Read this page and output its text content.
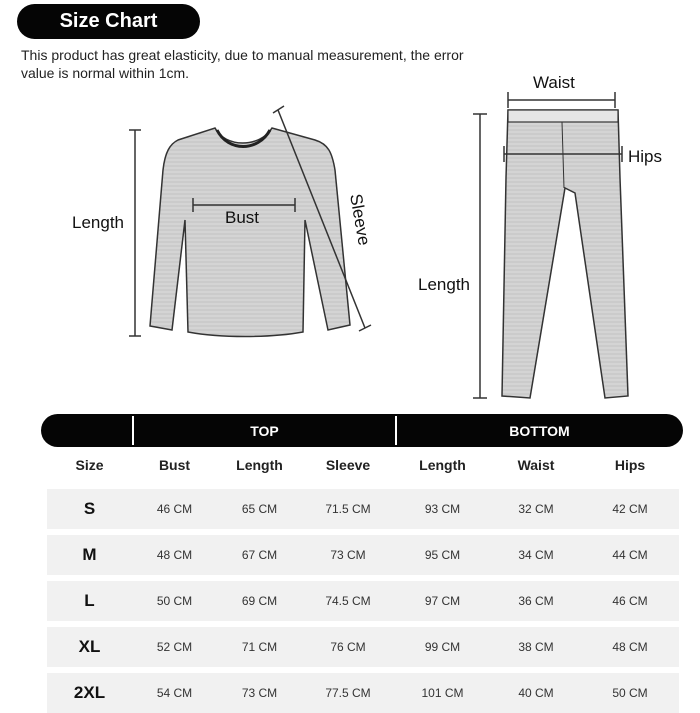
Size Chart
This product has great elasticity, due to manual measurement, the error value is normal within 1cm.
Length	Bust	Sleeve
Waist
Hips
Length
TOP	BOTTOM
Size	Bust	Length	Sleeve	Length	Waist	Hips
S	46 CM	65 CM	71.5 CM	93 CM	32 CM	42 CM
M	48 CM	67 CM	73 CM	95 CM	34 CM	44 CM
L	50 CM	69 CM	74.5 CM	97 CM	36 CM	46 CM
XL	52 CM	71 CM	76 CM	99 CM	38 CM	48 CM
2XL	54 CM	73 CM	77.5 CM	101 CM	40 CM	50 CM
